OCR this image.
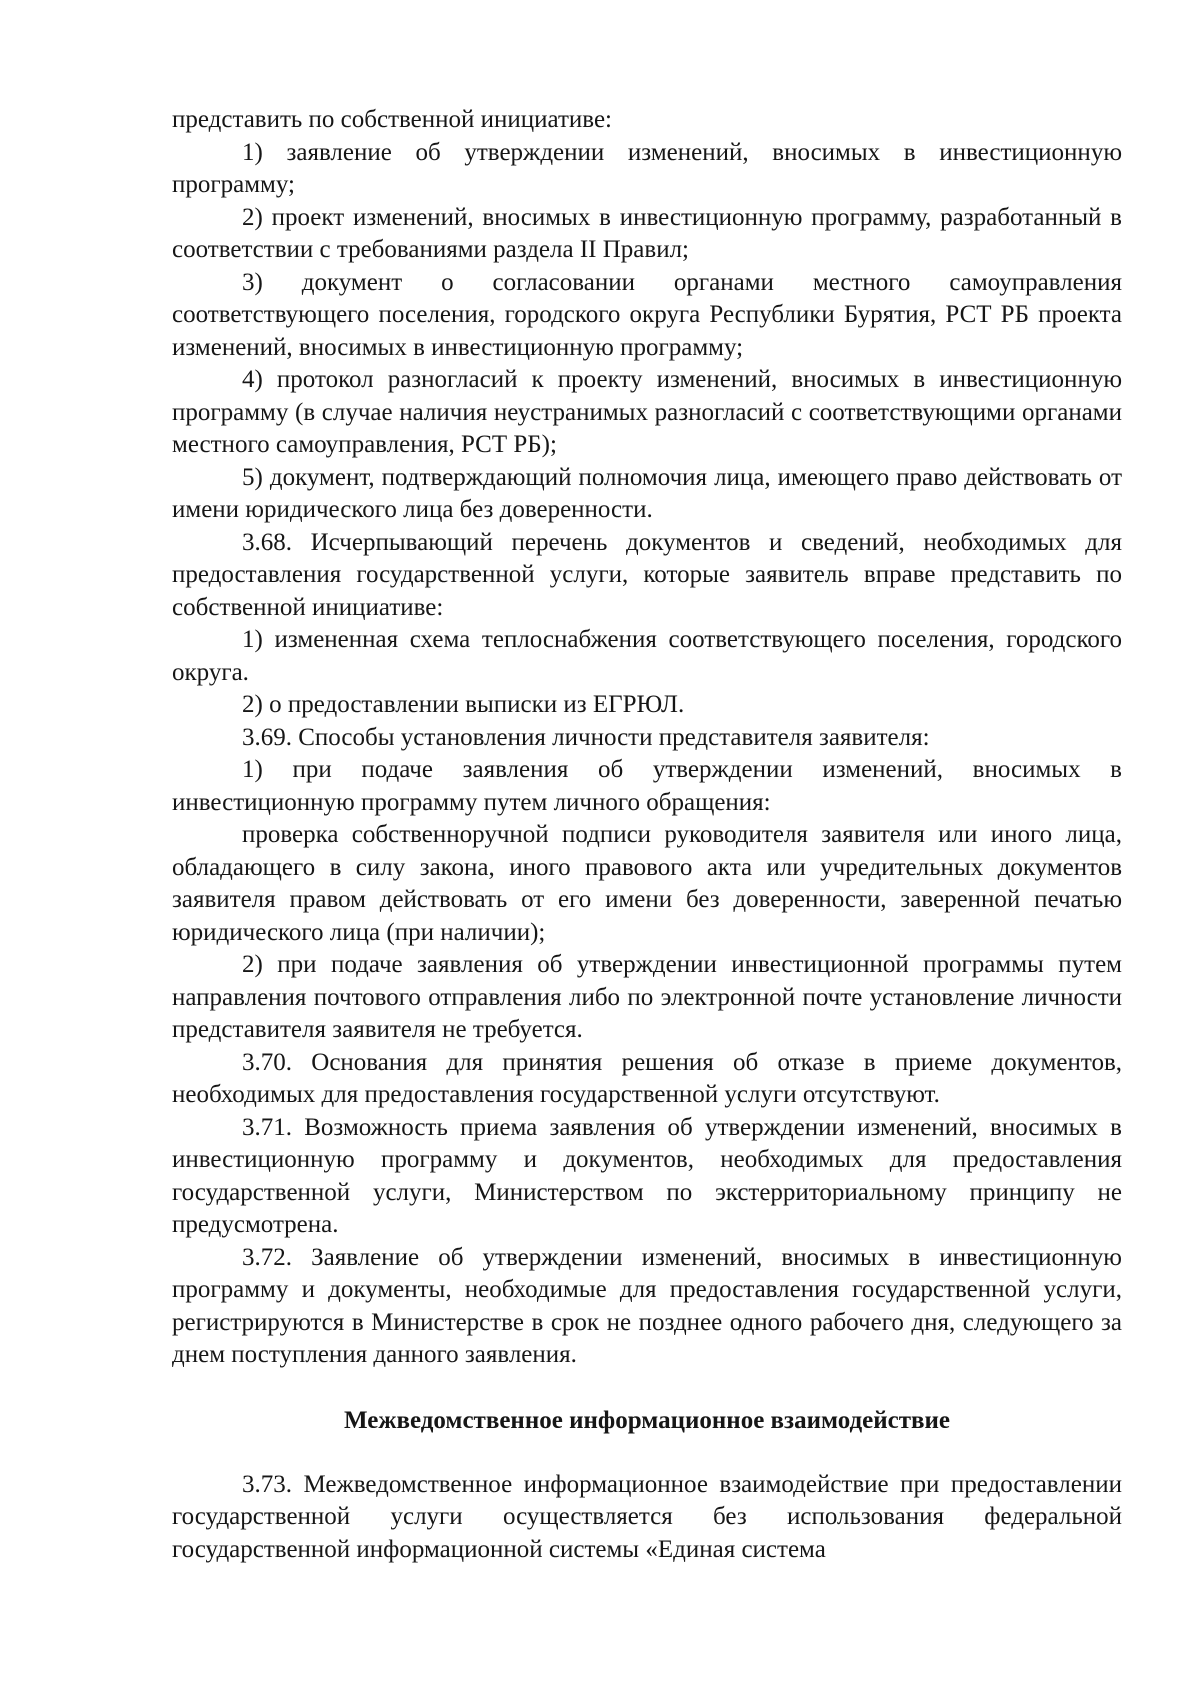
представить по собственной инициативе:

1) заявление об утверждении изменений, вносимых в инвестиционную программу;

2) проект изменений, вносимых в инвестиционную программу, разработанный в соответствии с требованиями раздела II Правил;

3) документ о согласовании органами местного самоуправления соответствующего поселения, городского округа Республики Бурятия, РСТ РБ проекта изменений, вносимых в инвестиционную программу;

4) протокол разногласий к проекту изменений, вносимых в инвестиционную программу (в случае наличия неустранимых разногласий с соответствующими органами местного самоуправления, РСТ РБ);

5) документ, подтверждающий полномочия лица, имеющего право действовать от имени юридического лица без доверенности.

3.68. Исчерпывающий перечень документов и сведений, необходимых для предоставления государственной услуги, которые заявитель вправе представить по собственной инициативе:

1) измененная схема теплоснабжения соответствующего поселения, городского округа.

2) о предоставлении выписки из ЕГРЮЛ.

3.69. Способы установления личности представителя заявителя:

1) при подаче заявления об утверждении изменений, вносимых в инвестиционную программу путем личного обращения:

проверка собственноручной подписи руководителя заявителя или иного лица, обладающего в силу закона, иного правового акта или учредительных документов заявителя правом действовать от его имени без доверенности, заверенной печатью юридического лица (при наличии);

2) при подаче заявления об утверждении инвестиционной программы путем направления почтового отправления либо по электронной почте установление личности представителя заявителя не требуется.

3.70. Основания для принятия решения об отказе в приеме документов, необходимых для предоставления государственной услуги отсутствуют.

3.71. Возможность приема заявления об утверждении изменений, вносимых в инвестиционную программу и документов, необходимых для предоставления государственной услуги, Министерством по экстерриториальному принципу не предусмотрена.

3.72. Заявление об утверждении изменений, вносимых в инвестиционную программу и документы, необходимые для предоставления государственной услуги, регистрируются в Министерстве в срок не позднее одного рабочего дня, следующего за днем поступления данного заявления.

Межведомственное информационное взаимодействие

3.73. Межведомственное информационное взаимодействие при предоставлении государственной услуги осуществляется без использования федеральной государственной информационной системы «Единая система
